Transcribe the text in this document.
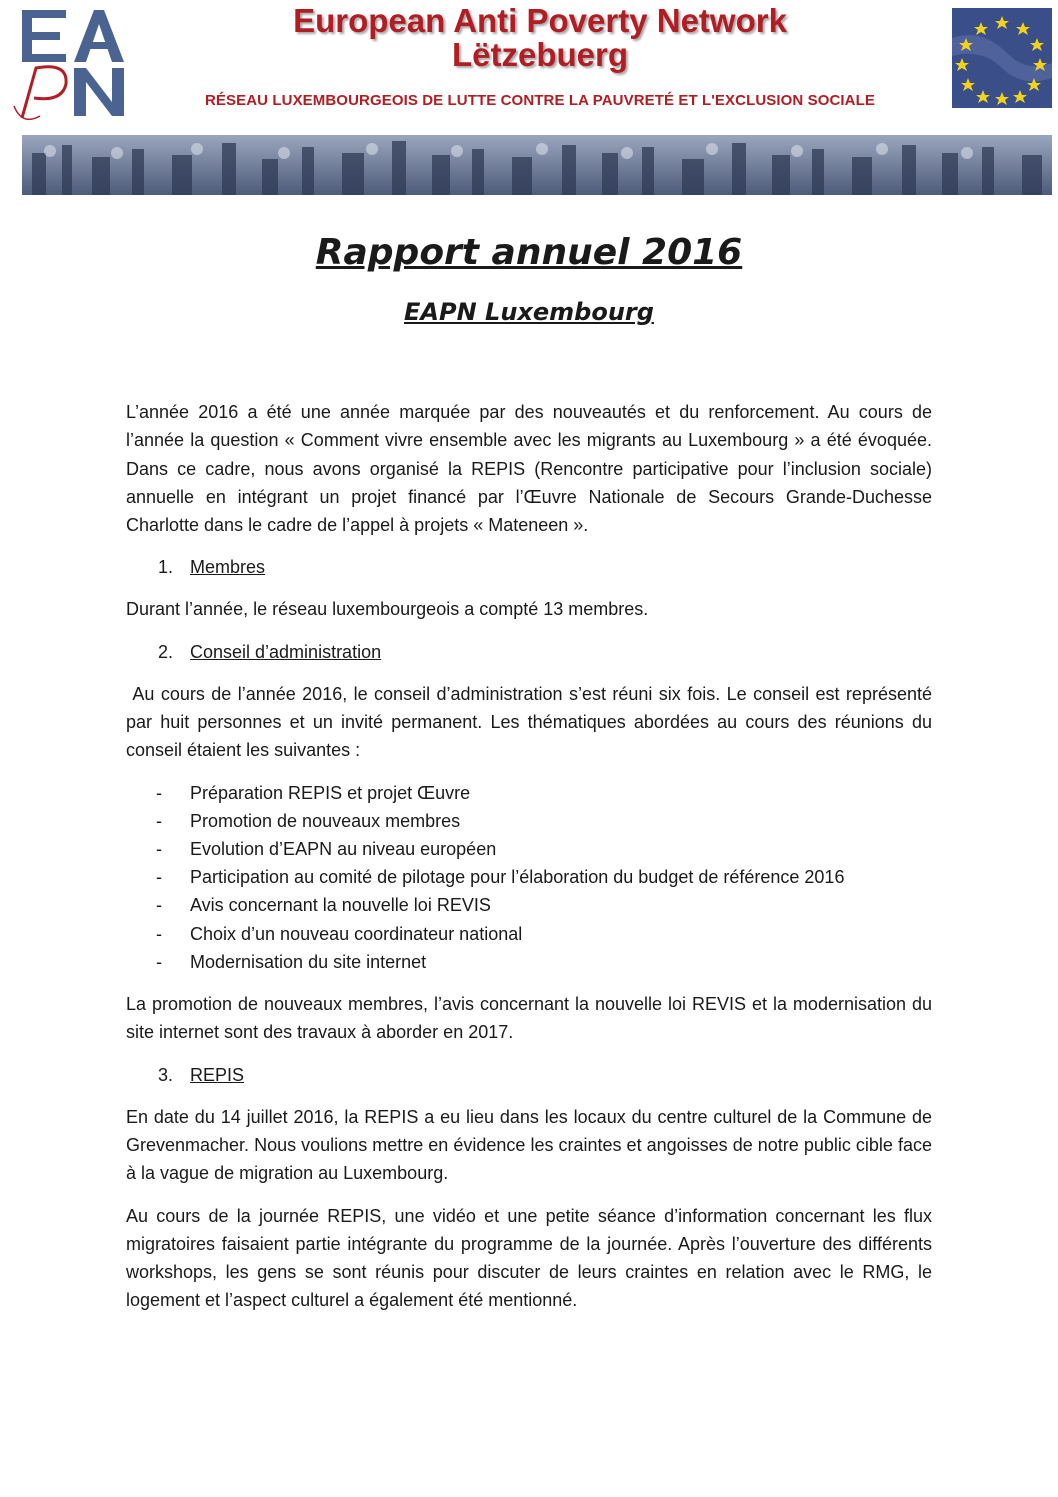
European Anti Poverty Network
Lëtzebuerg
RÉSEAU LUXEMBOURGEOIS DE LUTTE CONTRE LA PAUVRETÉ ET L'EXCLUSION SOCIALE
Rapport annuel 2016
EAPN Luxembourg

L’année 2016 a été une année marquée par des nouveautés et du renforcement. Au cours de l’année la question « Comment vivre ensemble avec les migrants au Luxembourg » a été évoquée. Dans ce cadre, nous avons organisé la REPIS (Rencontre participative pour l’inclusion sociale) annuelle en intégrant un projet financé par l’Œuvre Nationale de Secours Grande-Duchesse Charlotte dans le cadre de l’appel à projets « Mateneen ».

1. Membres

Durant l’année, le réseau luxembourgeois a compté 13 membres.

2. Conseil d’administration

Au cours de l’année 2016, le conseil d’administration s’est réuni six fois. Le conseil est représenté par huit personnes et un invité permanent. Les thématiques abordées au cours des réunions du conseil étaient les suivantes :

-	Préparation REPIS et projet Œuvre
-	Promotion de nouveaux membres
-	Evolution d’EAPN au niveau européen
-	Participation au comité de pilotage pour l’élaboration du budget de référence 2016
-	Avis concernant la nouvelle loi REVIS
-	Choix d’un nouveau coordinateur national
-	Modernisation du site internet

La promotion de nouveaux membres, l’avis concernant la nouvelle loi REVIS et la modernisation du site internet sont des travaux à aborder en 2017.

3. REPIS

En date du 14 juillet 2016, la REPIS a eu lieu dans les locaux du centre culturel de la Commune de Grevenmacher. Nous voulions mettre en évidence les craintes et angoisses de notre public cible face à la vague de migration au Luxembourg.

Au cours de la journée REPIS, une vidéo et une petite séance d’information concernant les flux migratoires faisaient partie intégrante du programme de la journée. Après l’ouverture des différents workshops, les gens se sont réunis pour discuter de leurs craintes en relation avec le RMG, le logement et l’aspect culturel a également été mentionné.
